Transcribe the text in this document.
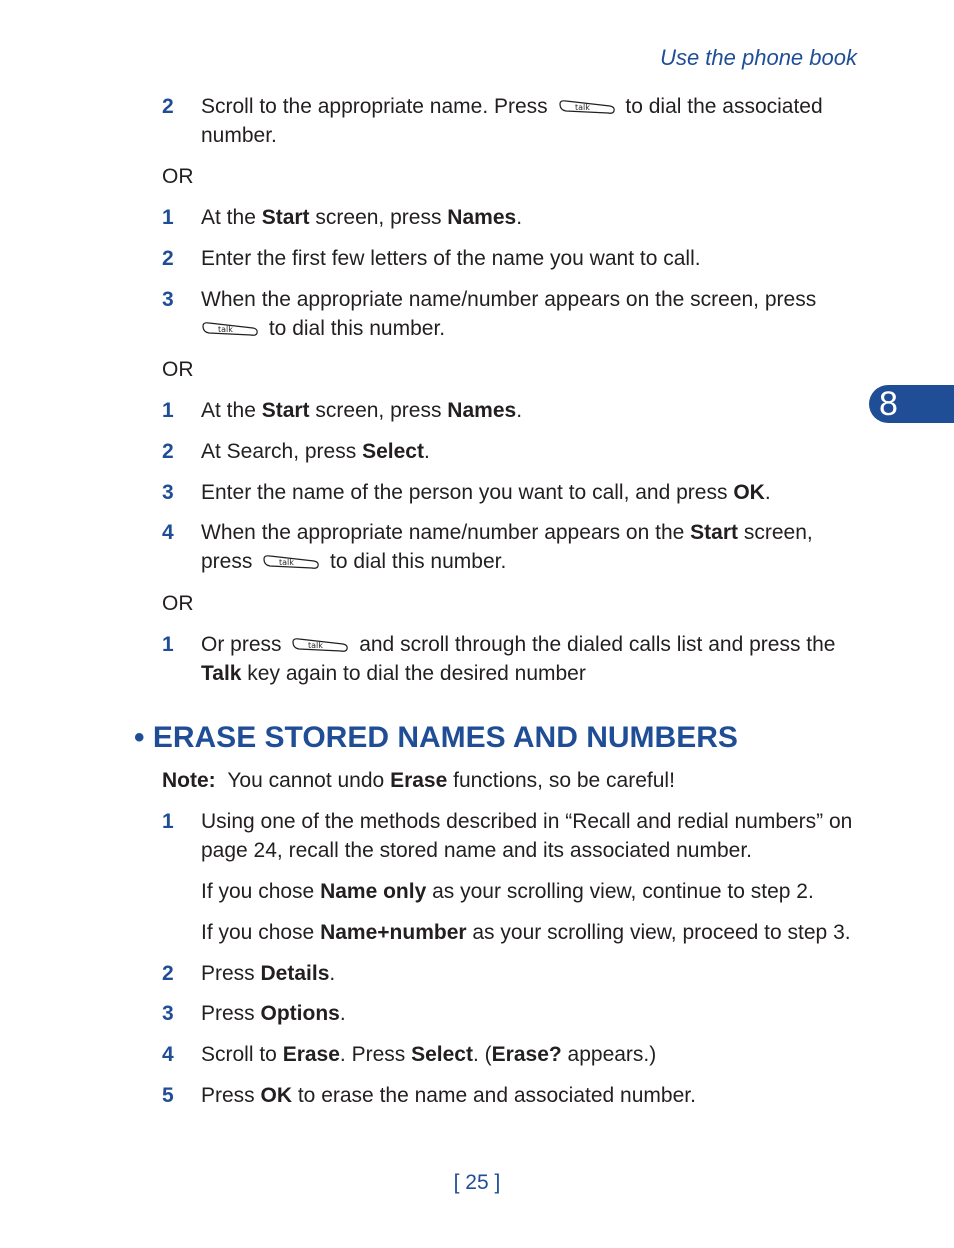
Use the phone book
8
2 Scroll to the appropriate name. Press	talk to dial the associated number.
OR
1 At the Start screen, press Names.
2 Enter the first few letters of the name you want to call.
3 When the appropriate name/number appears on the screen, press
talk to dial this number.
OR
1 At the Start screen, press Names.
2 At Search, press Select.
3 Enter the name of the person you want to call, and press OK.
4 When the appropriate name/number appears on the Start screen,
press	talk to dial this number.
OR
1 Or press	talk and scroll through the dialed calls list and press the
Talk key again to dial the desired number
• ERASE STORED NAMES AND NUMBERS
Note: You cannot undo Erase functions, so be careful!
1 Using one of the methods described in “Recall and redial numbers” on
page 24, recall the stored name and its associated number.
If you chose Name only as your scrolling view, continue to step 2.
If you chose Name+number as your scrolling view, proceed to step 3.
2 Press Details.
3 Press Options.
4 Scroll to Erase. Press Select. (Erase? appears.)
5 Press OK to erase the name and associated number.
[ 25 ]
